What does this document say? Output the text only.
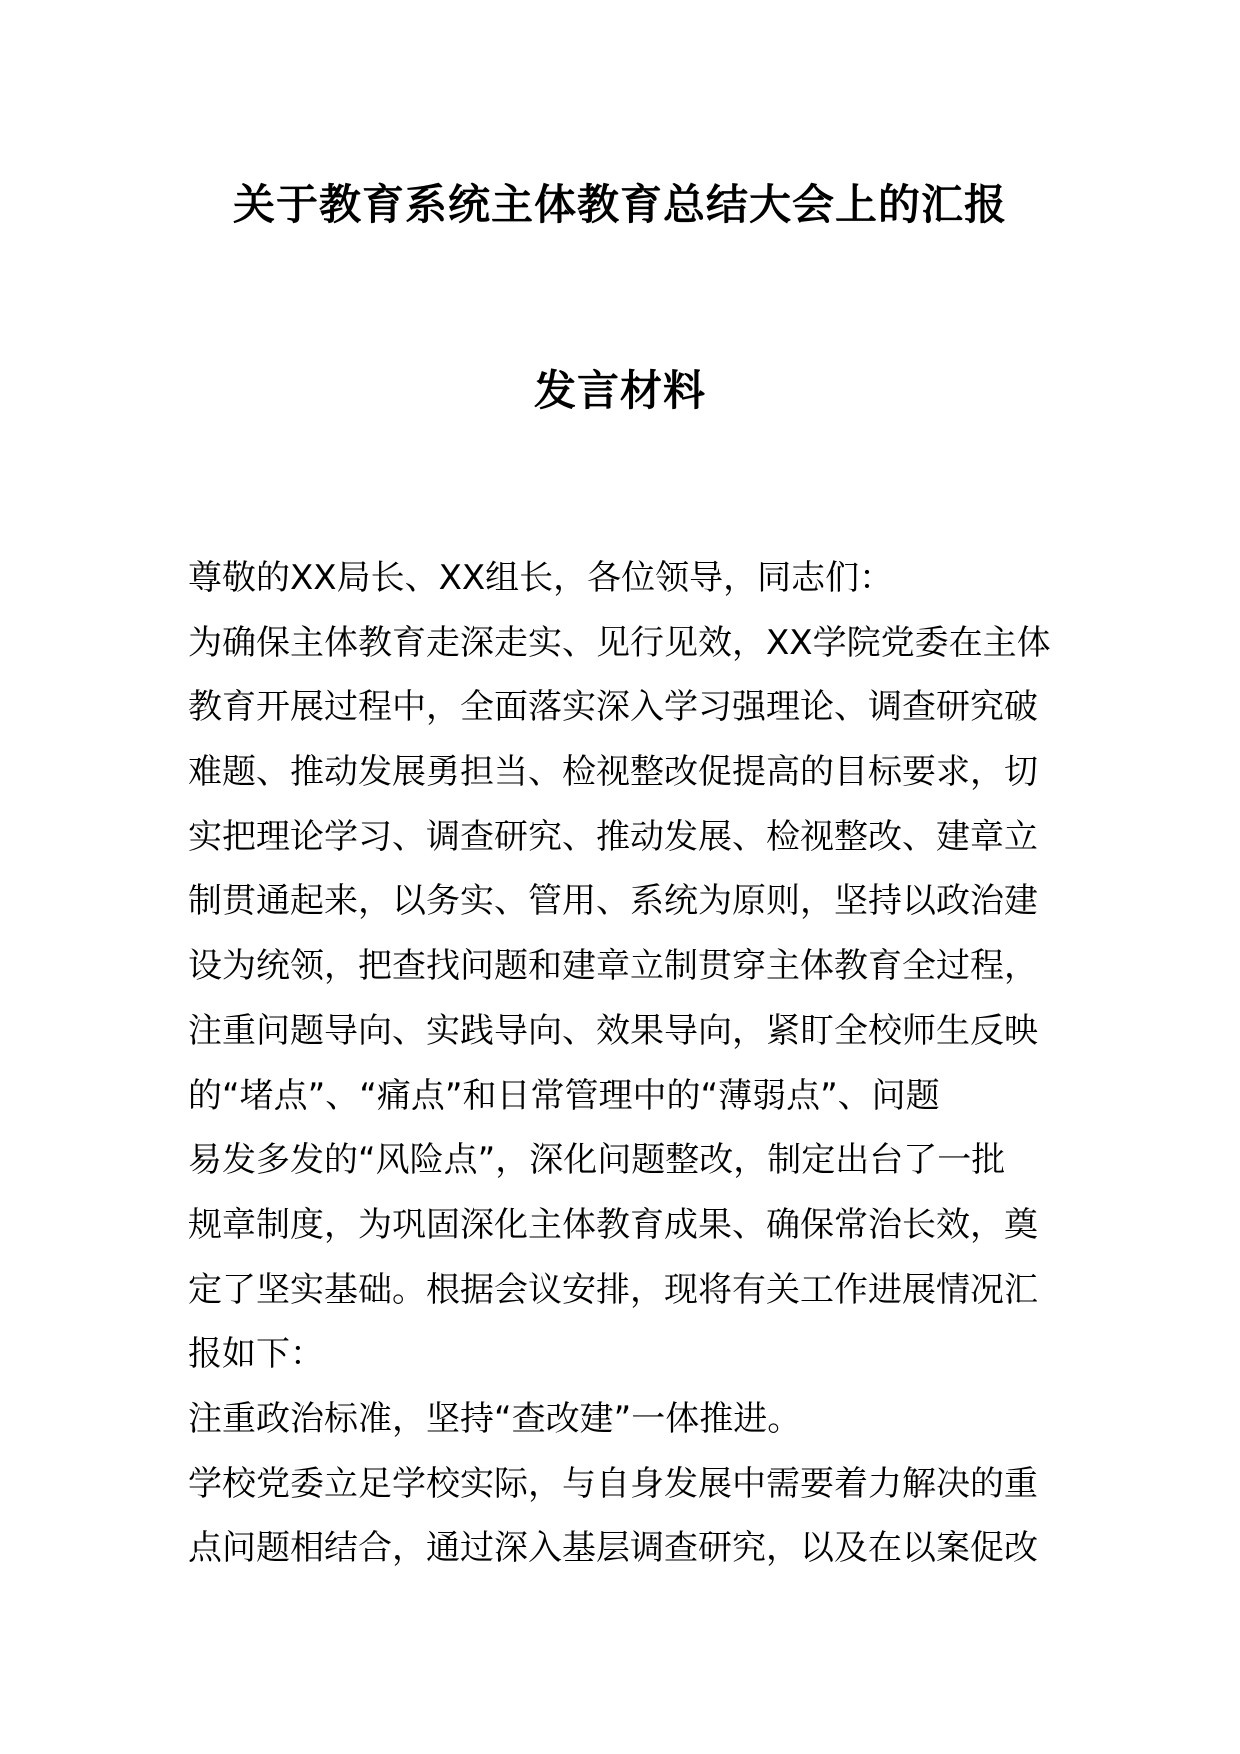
关于教育系统主体教育总结大会上的汇报
发言材料
尊敬的XX局长、XX组长，各位领导，同志们：
为确保主体教育走深走实、见行见效，XX学院党委在主体
教育开展过程中，全面落实深入学习强理论、调查研究破
难题、推动发展勇担当、检视整改促提高的目标要求，切
实把理论学习、调查研究、推动发展、检视整改、建章立
制贯通起来，以务实、管用、系统为原则，坚持以政治建
设为统领，把查找问题和建章立制贯穿主体教育全过程，
注重问题导向、实践导向、效果导向，紧盯全校师生反映
的“堵点”、“痛点”和日常管理中的“薄弱点”、问题
易发多发的“风险点”，深化问题整改，制定出台了一批
规章制度，为巩固深化主体教育成果、确保常治长效，奠
定了坚实基础。根据会议安排，现将有关工作进展情况汇
报如下：
注重政治标准，坚持“查改建”一体推进。
学校党委立足学校实际，与自身发展中需要着力解决的重
点问题相结合，通过深入基层调查研究，以及在以案促改
